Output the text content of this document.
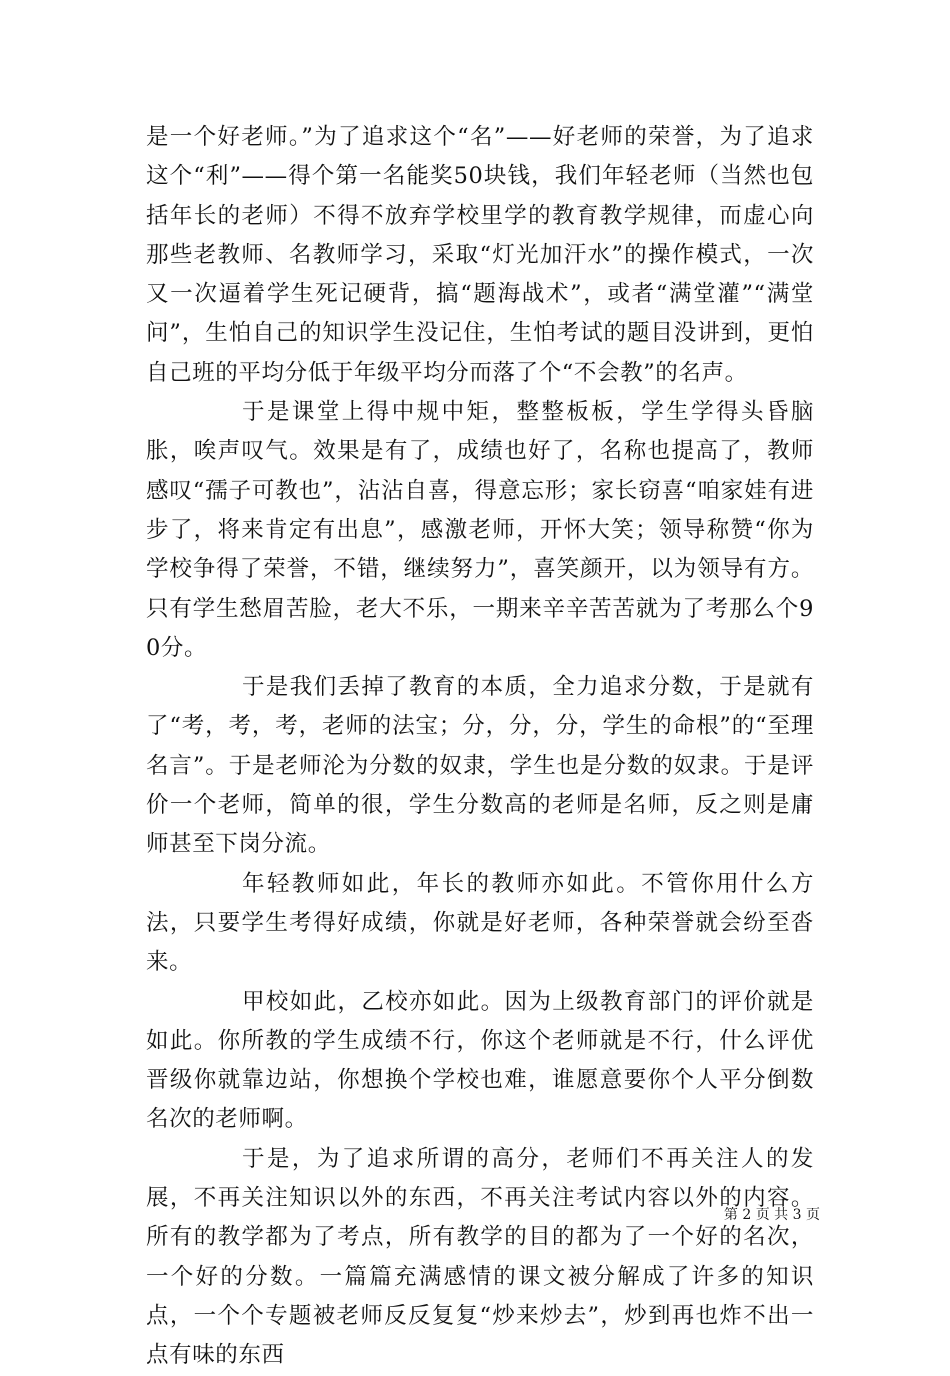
是一个好老师。”为了追求这个“名”——好老师的荣誉，为了追求这个“利”——得个第一名能奖50块钱，我们年轻老师（当然也包括年长的老师）不得不放弃学校里学的教育教学规律，而虚心向那些老教师、名教师学习，采取“灯光加汗水”的操作模式，一次又一次逼着学生死记硬背，搞“题海战术”，或者“满堂灌”“满堂问”，生怕自己的知识学生没记住，生怕考试的题目没讲到，更怕自己班的平均分低于年级平均分而落了个“不会教”的名声。

于是课堂上得中规中矩，整整板板，学生学得头昏脑胀，唉声叹气。效果是有了，成绩也好了，名称也提高了，教师感叹“孺子可教也”，沾沾自喜，得意忘形；家长窃喜“咱家娃有进步了，将来肯定有出息”，感激老师，开怀大笑；领导称赞“你为学校争得了荣誉，不错，继续努力”，喜笑颜开，以为领导有方。只有学生愁眉苦脸，老大不乐，一期来辛辛苦苦就为了考那么个90分。

于是我们丢掉了教育的本质，全力追求分数，于是就有了“考，考，考，老师的法宝；分，分，分，学生的命根”的“至理名言”。于是老师沦为分数的奴隶，学生也是分数的奴隶。于是评价一个老师，简单的很，学生分数高的老师是名师，反之则是庸师甚至下岗分流。

年轻教师如此，年长的教师亦如此。不管你用什么方法，只要学生考得好成绩，你就是好老师，各种荣誉就会纷至沓来。

甲校如此，乙校亦如此。因为上级教育部门的评价就是如此。你所教的学生成绩不行，你这个老师就是不行，什么评优晋级你就靠边站，你想换个学校也难，谁愿意要你个人平分倒数名次的老师啊。

于是，为了追求所谓的高分，老师们不再关注人的发展，不再关注知识以外的东西，不再关注考试内容以外的内容。所有的教学都为了考点，所有教学的目的都为了一个好的名次，一个好的分数。一篇篇充满感情的课文被分解成了许多的知识点，一个个专题被老师反反复复“炒来炒去”，炒到再也炸不出一点有味的东西

第 2 页 共 3 页
